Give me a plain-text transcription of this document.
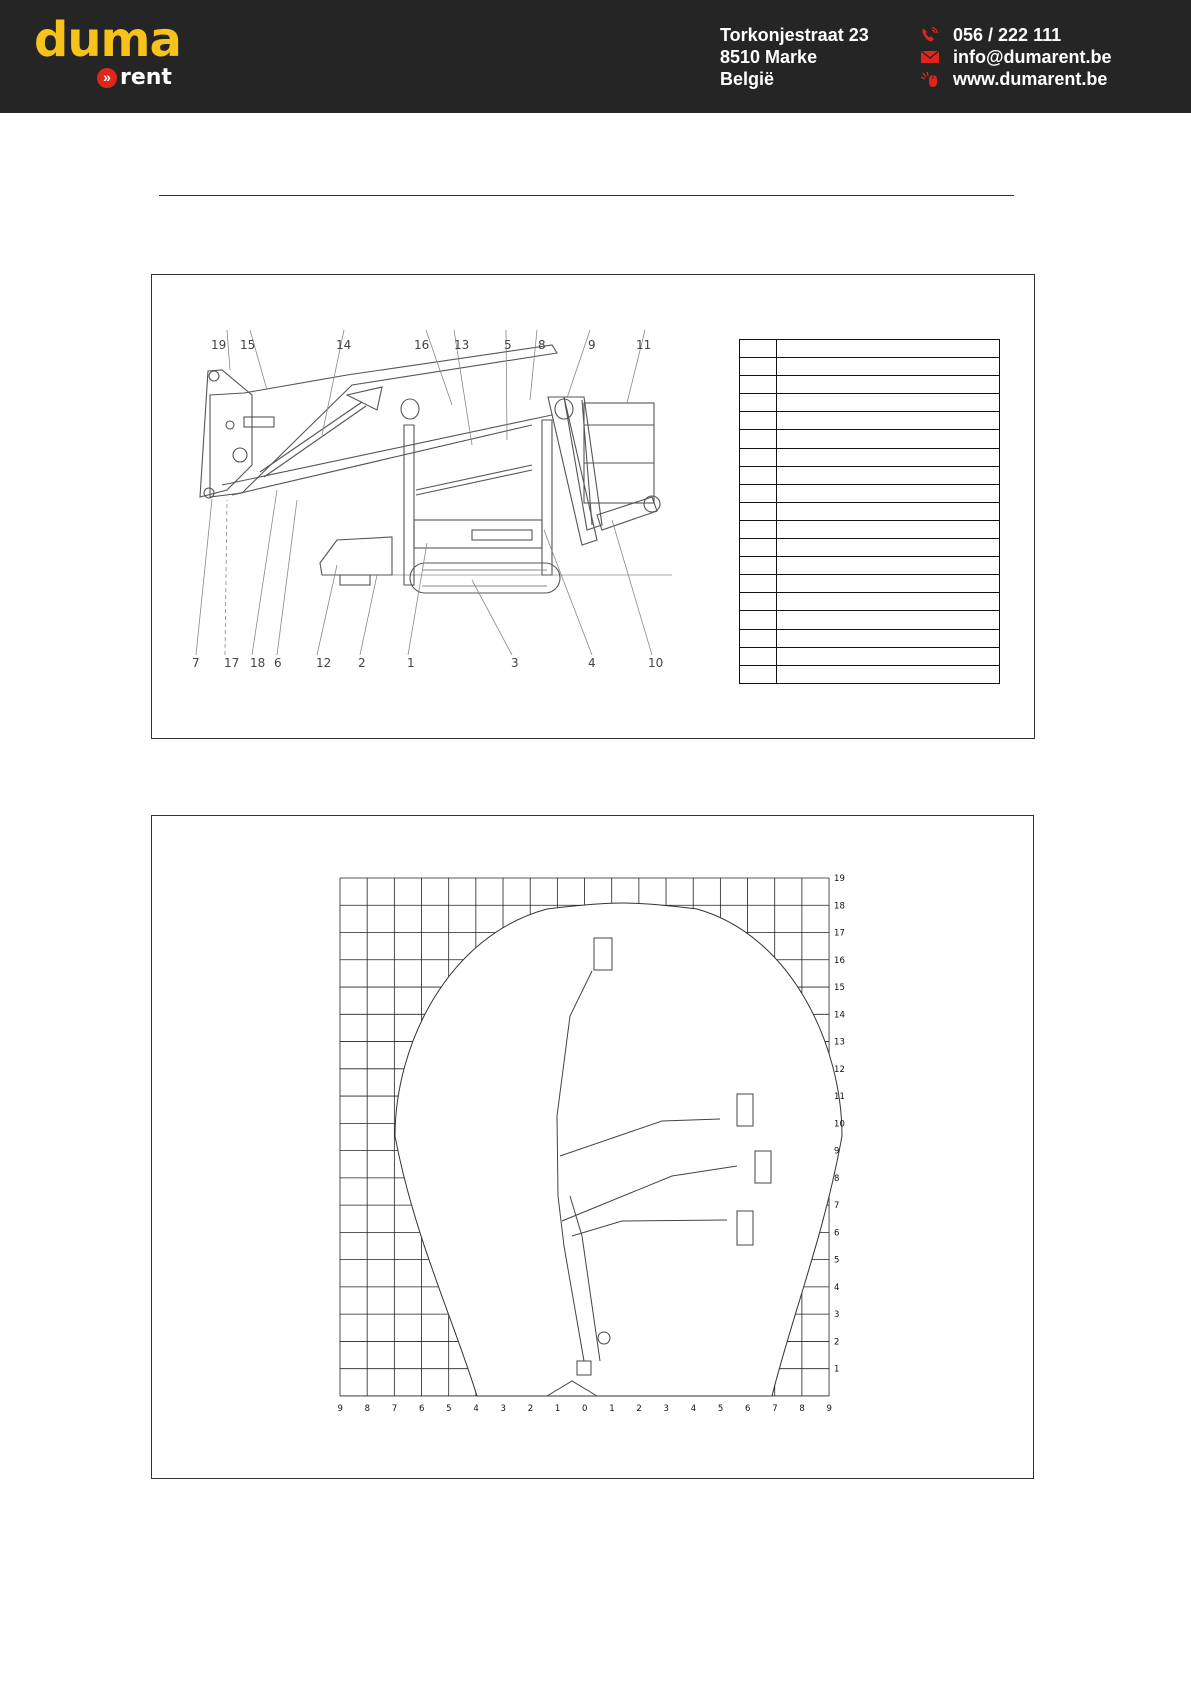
duma
» rent
Torkonjestraat 23
8510 Marke
België
056 / 222 111
info@dumarent.be
www.dumarent.be
19 15	14	16 13	5 8	9	11
7 17 18 6	12 2	1	3	4	10

19
18
17
16
15
14
13
12
11
10
9
8
7
6
5
4
3
2
1
9	8	7	6	5	4	3	2	1	0	1	2	3	4	5	6	7	8	9
